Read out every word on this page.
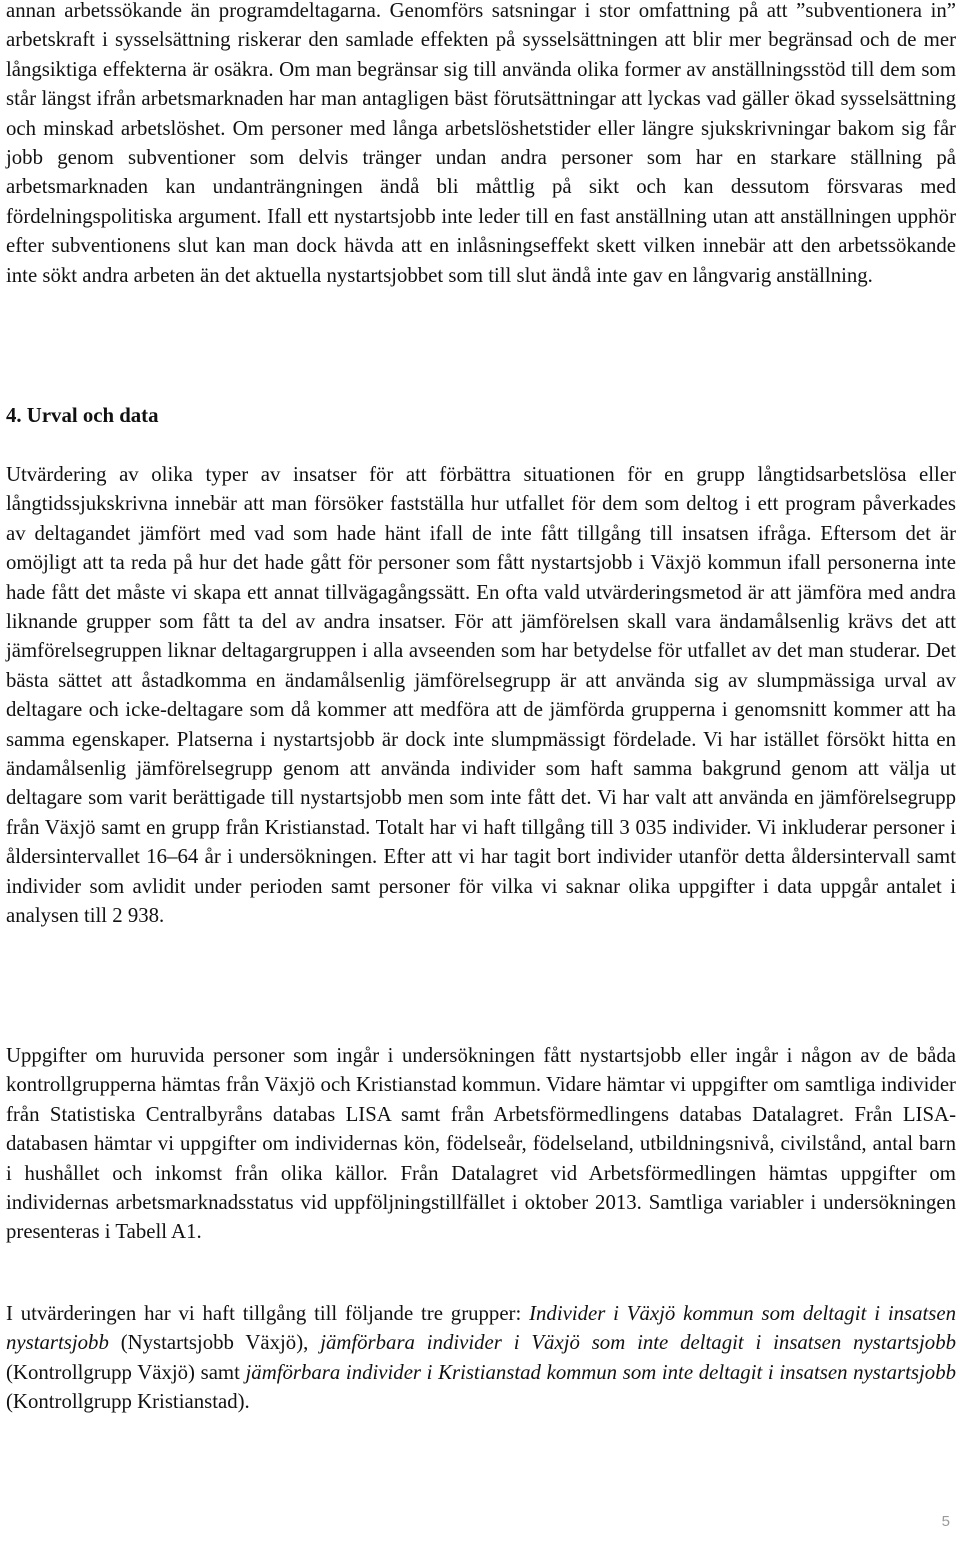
annan arbetssökande än programdeltagarna. Genomförs satsningar i stor omfattning på att ”subventionera in” arbetskraft i sysselsättning riskerar den samlade effekten på sysselsättningen att blir mer begränsad och de mer långsiktiga effekterna är osäkra. Om man begränsar sig till använda olika former av anställningsstöd till dem som står längst ifrån arbetsmarknaden har man antagligen bäst förutsättningar att lyckas vad gäller ökad sysselsättning och minskad arbetslöshet. Om personer med långa arbetslöshetstider eller längre sjukskrivningar bakom sig får jobb genom subventioner som delvis tränger undan andra personer som har en starkare ställning på arbetsmarknaden kan undanträngningen ändå bli måttlig på sikt och kan dessutom försvaras med fördelningspolitiska argument. Ifall ett nystartsjobb inte leder till en fast anställning utan att anställningen upphör efter subventionens slut kan man dock hävda att en inlåsningseffekt skett vilken innebär att den arbetssökande inte sökt andra arbeten än det aktuella nystartsjobbet som till slut ändå inte gav en långvarig anställning.

4. Urval och data

Utvärdering av olika typer av insatser för att förbättra situationen för en grupp långtidsarbetslösa eller långtidssjukskrivna innebär att man försöker fastställa hur utfallet för dem som deltog i ett program påverkades av deltagandet jämfört med vad som hade hänt ifall de inte fått tillgång till insatsen ifråga. Eftersom det är omöjligt att ta reda på hur det hade gått för personer som fått nystartsjobb i Växjö kommun ifall personerna inte hade fått det måste vi skapa ett annat tillvägagångssätt. En ofta vald utvärderingsmetod är att jämföra med andra liknande grupper som fått ta del av andra insatser. För att jämförelsen skall vara ändamålsenlig krävs det att jämförelsegruppen liknar deltagargruppen i alla avseenden som har betydelse för utfallet av det man studerar. Det bästa sättet att åstadkomma en ändamålsenlig jämförelsegrupp är att använda sig av slumpmässiga urval av deltagare och icke-deltagare som då kommer att medföra att de jämförda grupperna i genomsnitt kommer att ha samma egenskaper. Platserna i nystartsjobb är dock inte slumpmässigt fördelade. Vi har istället försökt hitta en ändamålsenlig jämförelsegrupp genom att använda individer som haft samma bakgrund genom att välja ut deltagare som varit berättigade till nystartsjobb men som inte fått det. Vi har valt att använda en jämförelsegrupp från Växjö samt en grupp från Kristianstad. Totalt har vi haft tillgång till 3 035 individer. Vi inkluderar personer i åldersintervallet 16–64 år i undersökningen. Efter att vi har tagit bort individer utanför detta åldersintervall samt individer som avlidit under perioden samt personer för vilka vi saknar olika uppgifter i data uppgår antalet i analysen till 2 938.

Uppgifter om huruvida personer som ingår i undersökningen fått nystartsjobb eller ingår i någon av de båda kontrollgrupperna hämtas från Växjö och Kristianstad kommun. Vidare hämtar vi uppgifter om samtliga individer från Statistiska Centralbyråns databas LISA samt från Arbetsförmedlingens databas Datalagret. Från LISA-databasen hämtar vi uppgifter om individernas kön, födelseår, födelseland, utbildningsnivå, civilstånd, antal barn i hushållet och inkomst från olika källor. Från Datalagret vid Arbetsförmedlingen hämtas uppgifter om individernas arbetsmarknadsstatus vid uppföljningstillfället i oktober 2013. Samtliga variabler i undersökningen presenteras i Tabell A1.

I utvärderingen har vi haft tillgång till följande tre grupper: Individer i Växjö kommun som deltagit i insatsen nystartsjobb (Nystartsjobb Växjö), jämförbara individer i Växjö som inte deltagit i insatsen nystartsjobb (Kontrollgrupp Växjö) samt jämförbara individer i Kristianstad kommun som inte deltagit i insatsen nystartsjobb (Kontrollgrupp Kristianstad).

5
